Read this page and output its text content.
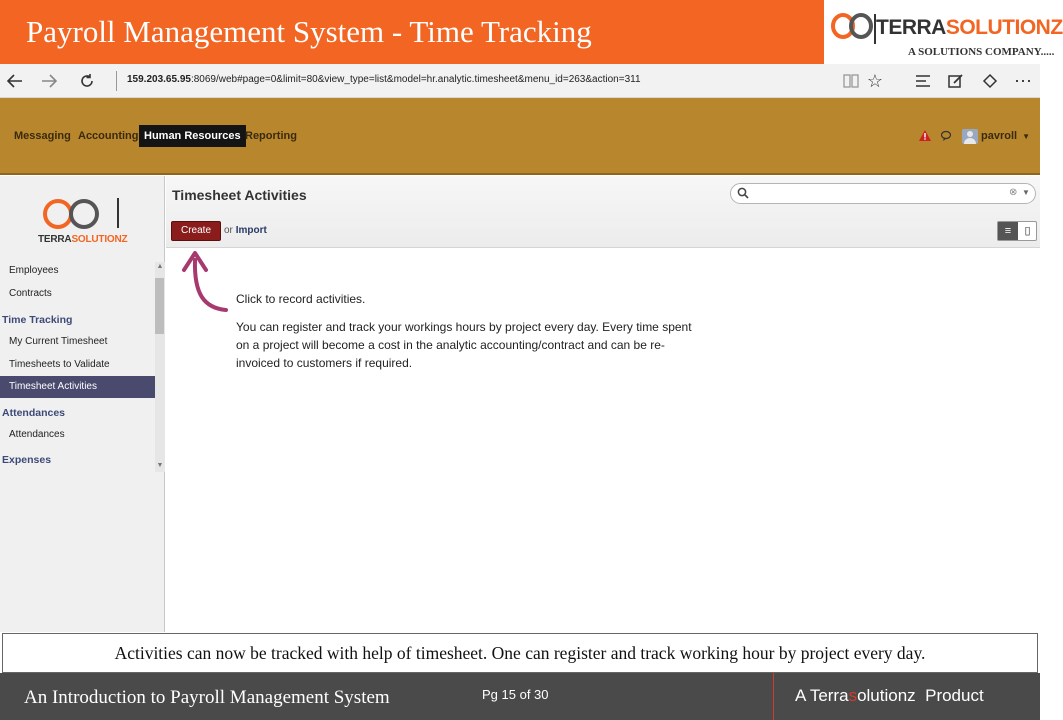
Payroll Management System - Time Tracking	TERRASOLUTIONZ
A SOLUTIONS COMPANY.....
159.203.65.95:8069/web#page=0&limit=80&view_type=list&model=hr.analytic.timesheet&menu_id=263&action=311	☆	⋯
Messaging Accounting Human Resources Reporting	pavroll ▼
TERRASOLUTIONZ
Employees
Contracts
Time Tracking
My Current Timesheet
Timesheets to Validate
Timesheet Activities
Attendances
Attendances
Expenses
▲
▼
Timesheet Activities	⊗ ▼
Create	or Import	≡	▯
Click to record activities.
You can register and track your workings hours by project every day. Every time spent on a project will become a cost in the analytic accounting/contract and can be re-invoiced to customers if required.
Activities can now be tracked with help of timesheet. One can register and track working hour by project every day.
An Introduction to Payroll Management System	Pg 15 of 30	A Terrasolutionz  Product
